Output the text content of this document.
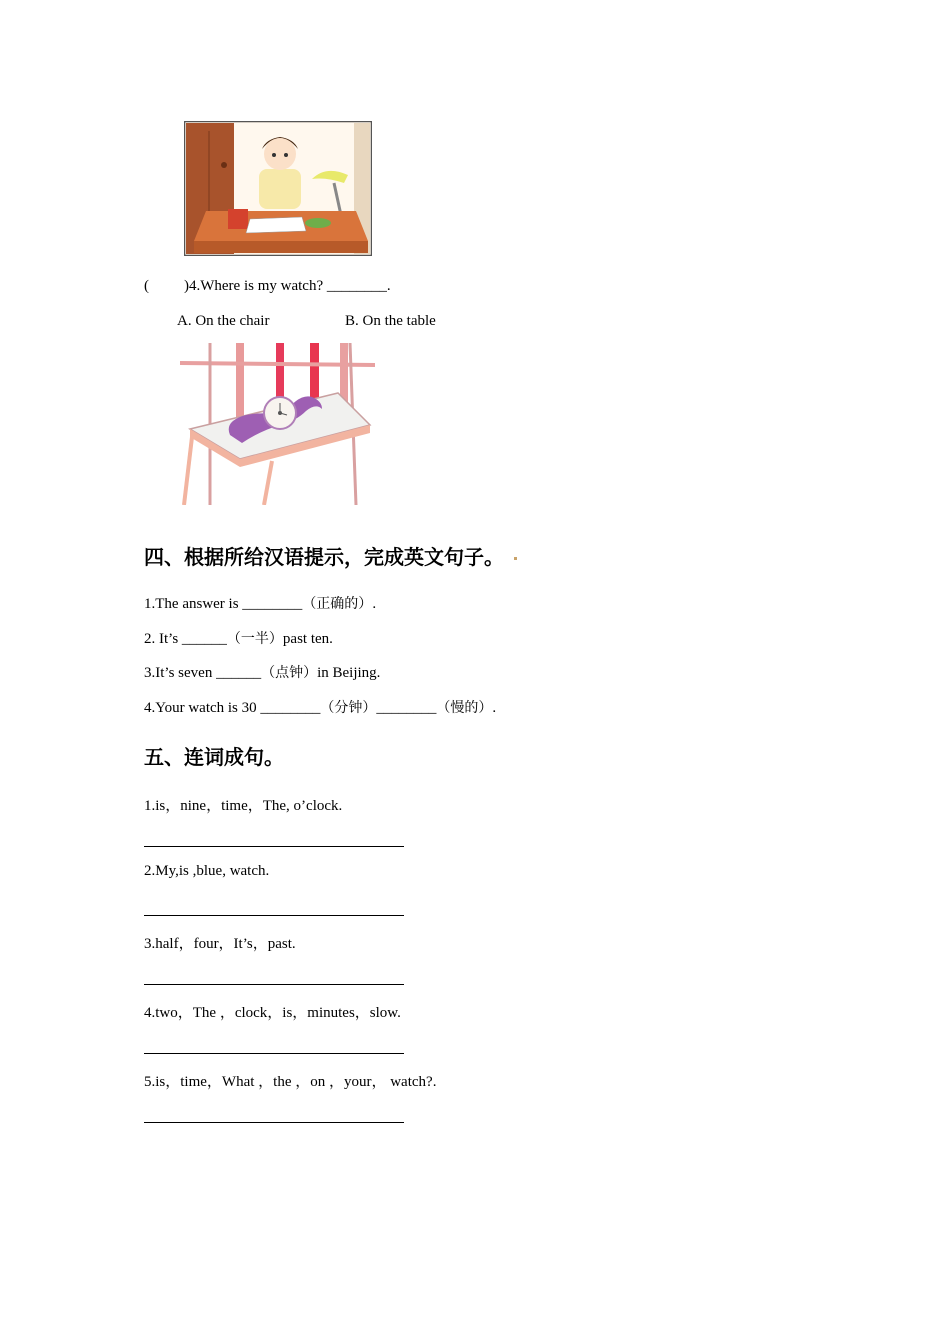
( )4.Where is my watch? ________.
A. On the chair	B. On the table
四、根据所给汉语提示，完成英文句子。
1.The answer is ________（正确的）.
2. It’s ______（一半）past ten.
3.It’s seven ______（点钟）in Beijing.
4.Your watch is 30 ________（分钟）________（慢的）.
五、连词成句。
1.is，nine，time，The, o’clock.
2.My,is ,blue, watch.
3.half，four，It’s，past.
4.two，The ，clock，is，minutes，slow.
5.is，time，What ，the ，on ，your， watch?.
